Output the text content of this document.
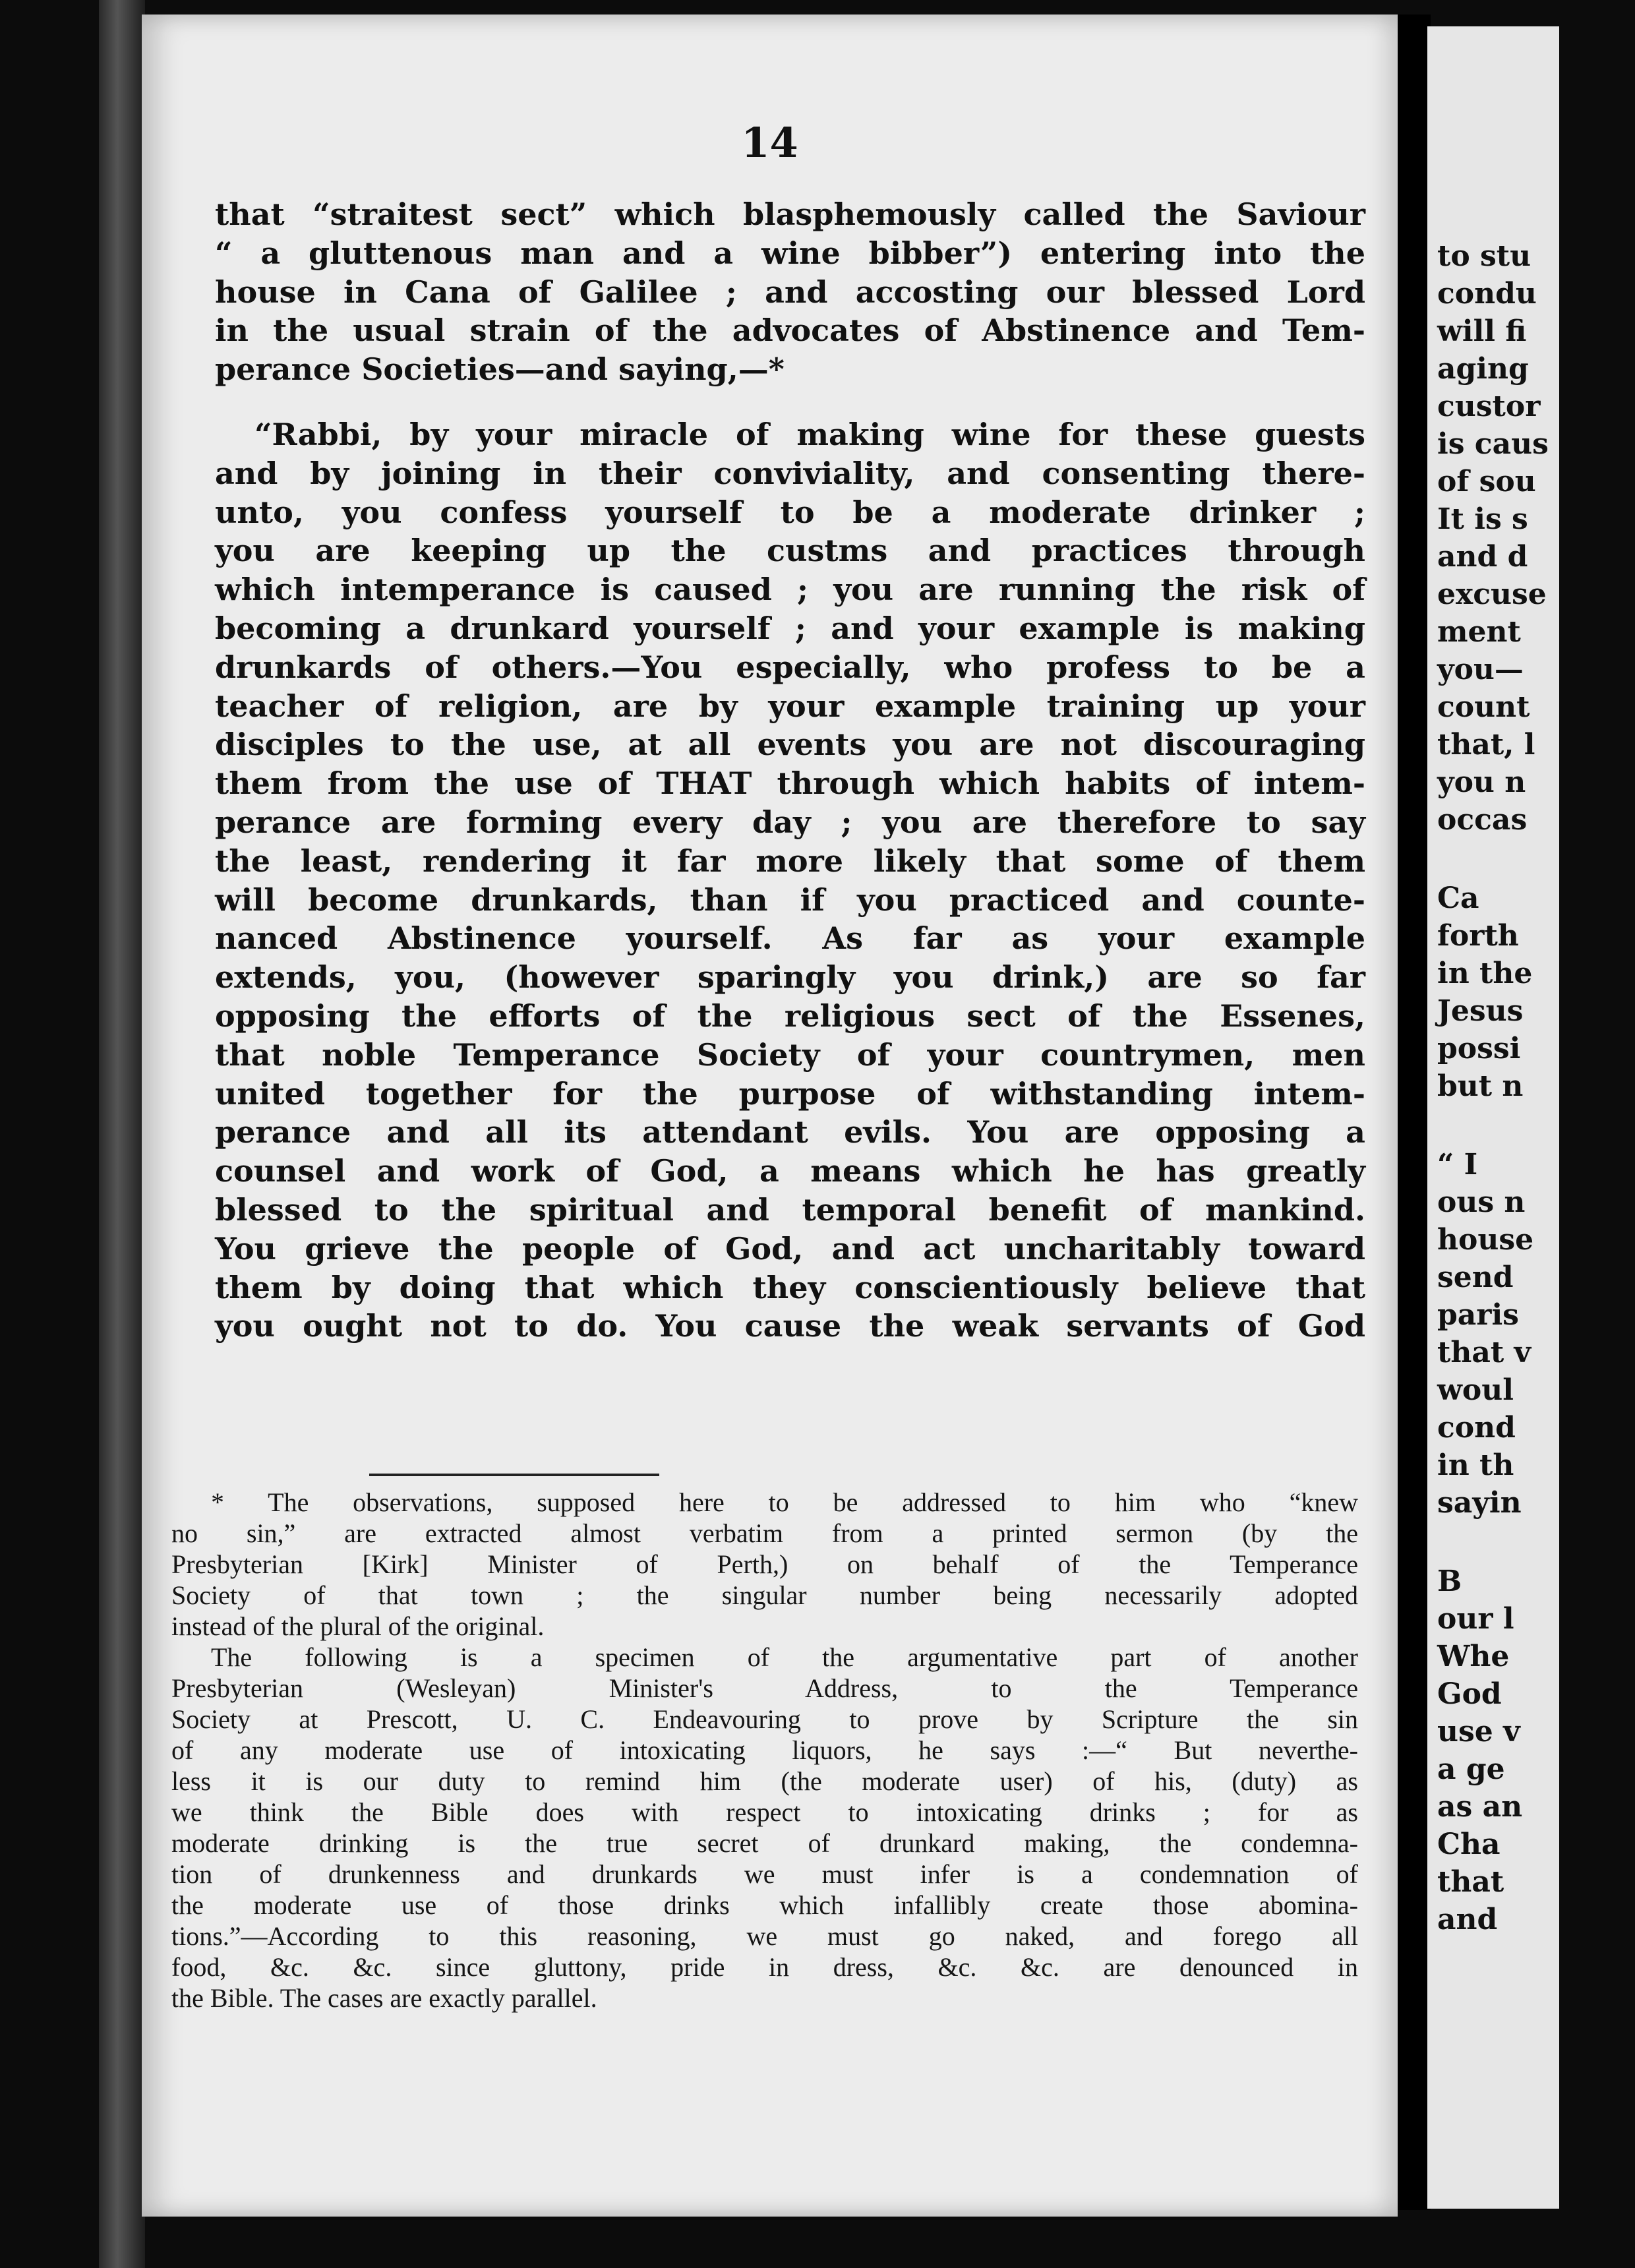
14
that “straitest sect” which blasphemously called the Saviour
“ a gluttenous man and a wine bibber”) entering into the
house in Cana of Galilee ; and accosting our blessed Lord
in the usual strain of the advocates of Abstinence and Tem-
perance Societies—and saying,—*
“Rabbi, by your miracle of making wine for these guests
and by joining in their conviviality, and consenting there-
unto, you confess yourself to be a moderate drinker ;
you are keeping up the custms and practices through
which intemperance is caused ; you are running the risk of
becoming a drunkard yourself ; and your example is making
drunkards of others.—You especially, who profess to be a
teacher of religion, are by your example training up your
disciples to the use, at all events you are not discouraging
them from the use of THAT through which habits of intem-
perance are forming every day ; you are therefore to say
the least, rendering it far more likely that some of them
will become drunkards, than if you practiced and counte-
nanced Abstinence yourself. As far as your example
extends, you, (however sparingly you drink,) are so far
opposing the efforts of the religious sect of the Essenes,
that noble Temperance Society of your countrymen, men
united together for the purpose of withstanding intem-
perance and all its attendant evils. You are opposing a
counsel and work of God, a means which he has greatly
blessed to the spiritual and temporal benefit of mankind.
You grieve the people of God, and act uncharitably toward
them by doing that which they conscientiously believe that
you ought not to do. You cause the weak servants of God
* The observations, supposed here to be addressed to him who “knew
no sin,” are extracted almost verbatim from a printed sermon (by the
Presbyterian [Kirk] Minister of Perth,) on behalf of the Temperance
Society of that town ; the singular number being necessarily adopted
instead of the plural of the original.
The following is a specimen of the argumentative part of another
Presbyterian (Wesleyan) Minister's Address, to the Temperance
Society at Prescott, U. C. Endeavouring to prove by Scripture the sin
of any moderate use of intoxicating liquors, he says :—“ But neverthe-
less it is our duty to remind him (the moderate user) of his, (duty) as
we think the Bible does with respect to intoxicating drinks ; for as
moderate drinking is the true secret of drunkard making, the condemna-
tion of drunkenness and drunkards we must infer is a condemnation of
the moderate use of those drinks which infallibly create those abomina-
tions.”—According to this reasoning, we must go naked, and forego all
food, &c. &c. since gluttony, pride in dress, &c. &c. are denounced in
the Bible. The cases are exactly parallel.
to stu
condu
will fi
aging
custor
is caus
of sou
It is s
and d
excuse
ment
you—
count
that, l
you n
occas
Ca
forth
in the
Jesus
possi
but n
“ I
ous n
house
send
paris
that v
woul
cond
in th
sayin
B
our l
Whe
God
use v
a ge
as an
Cha
that
and
